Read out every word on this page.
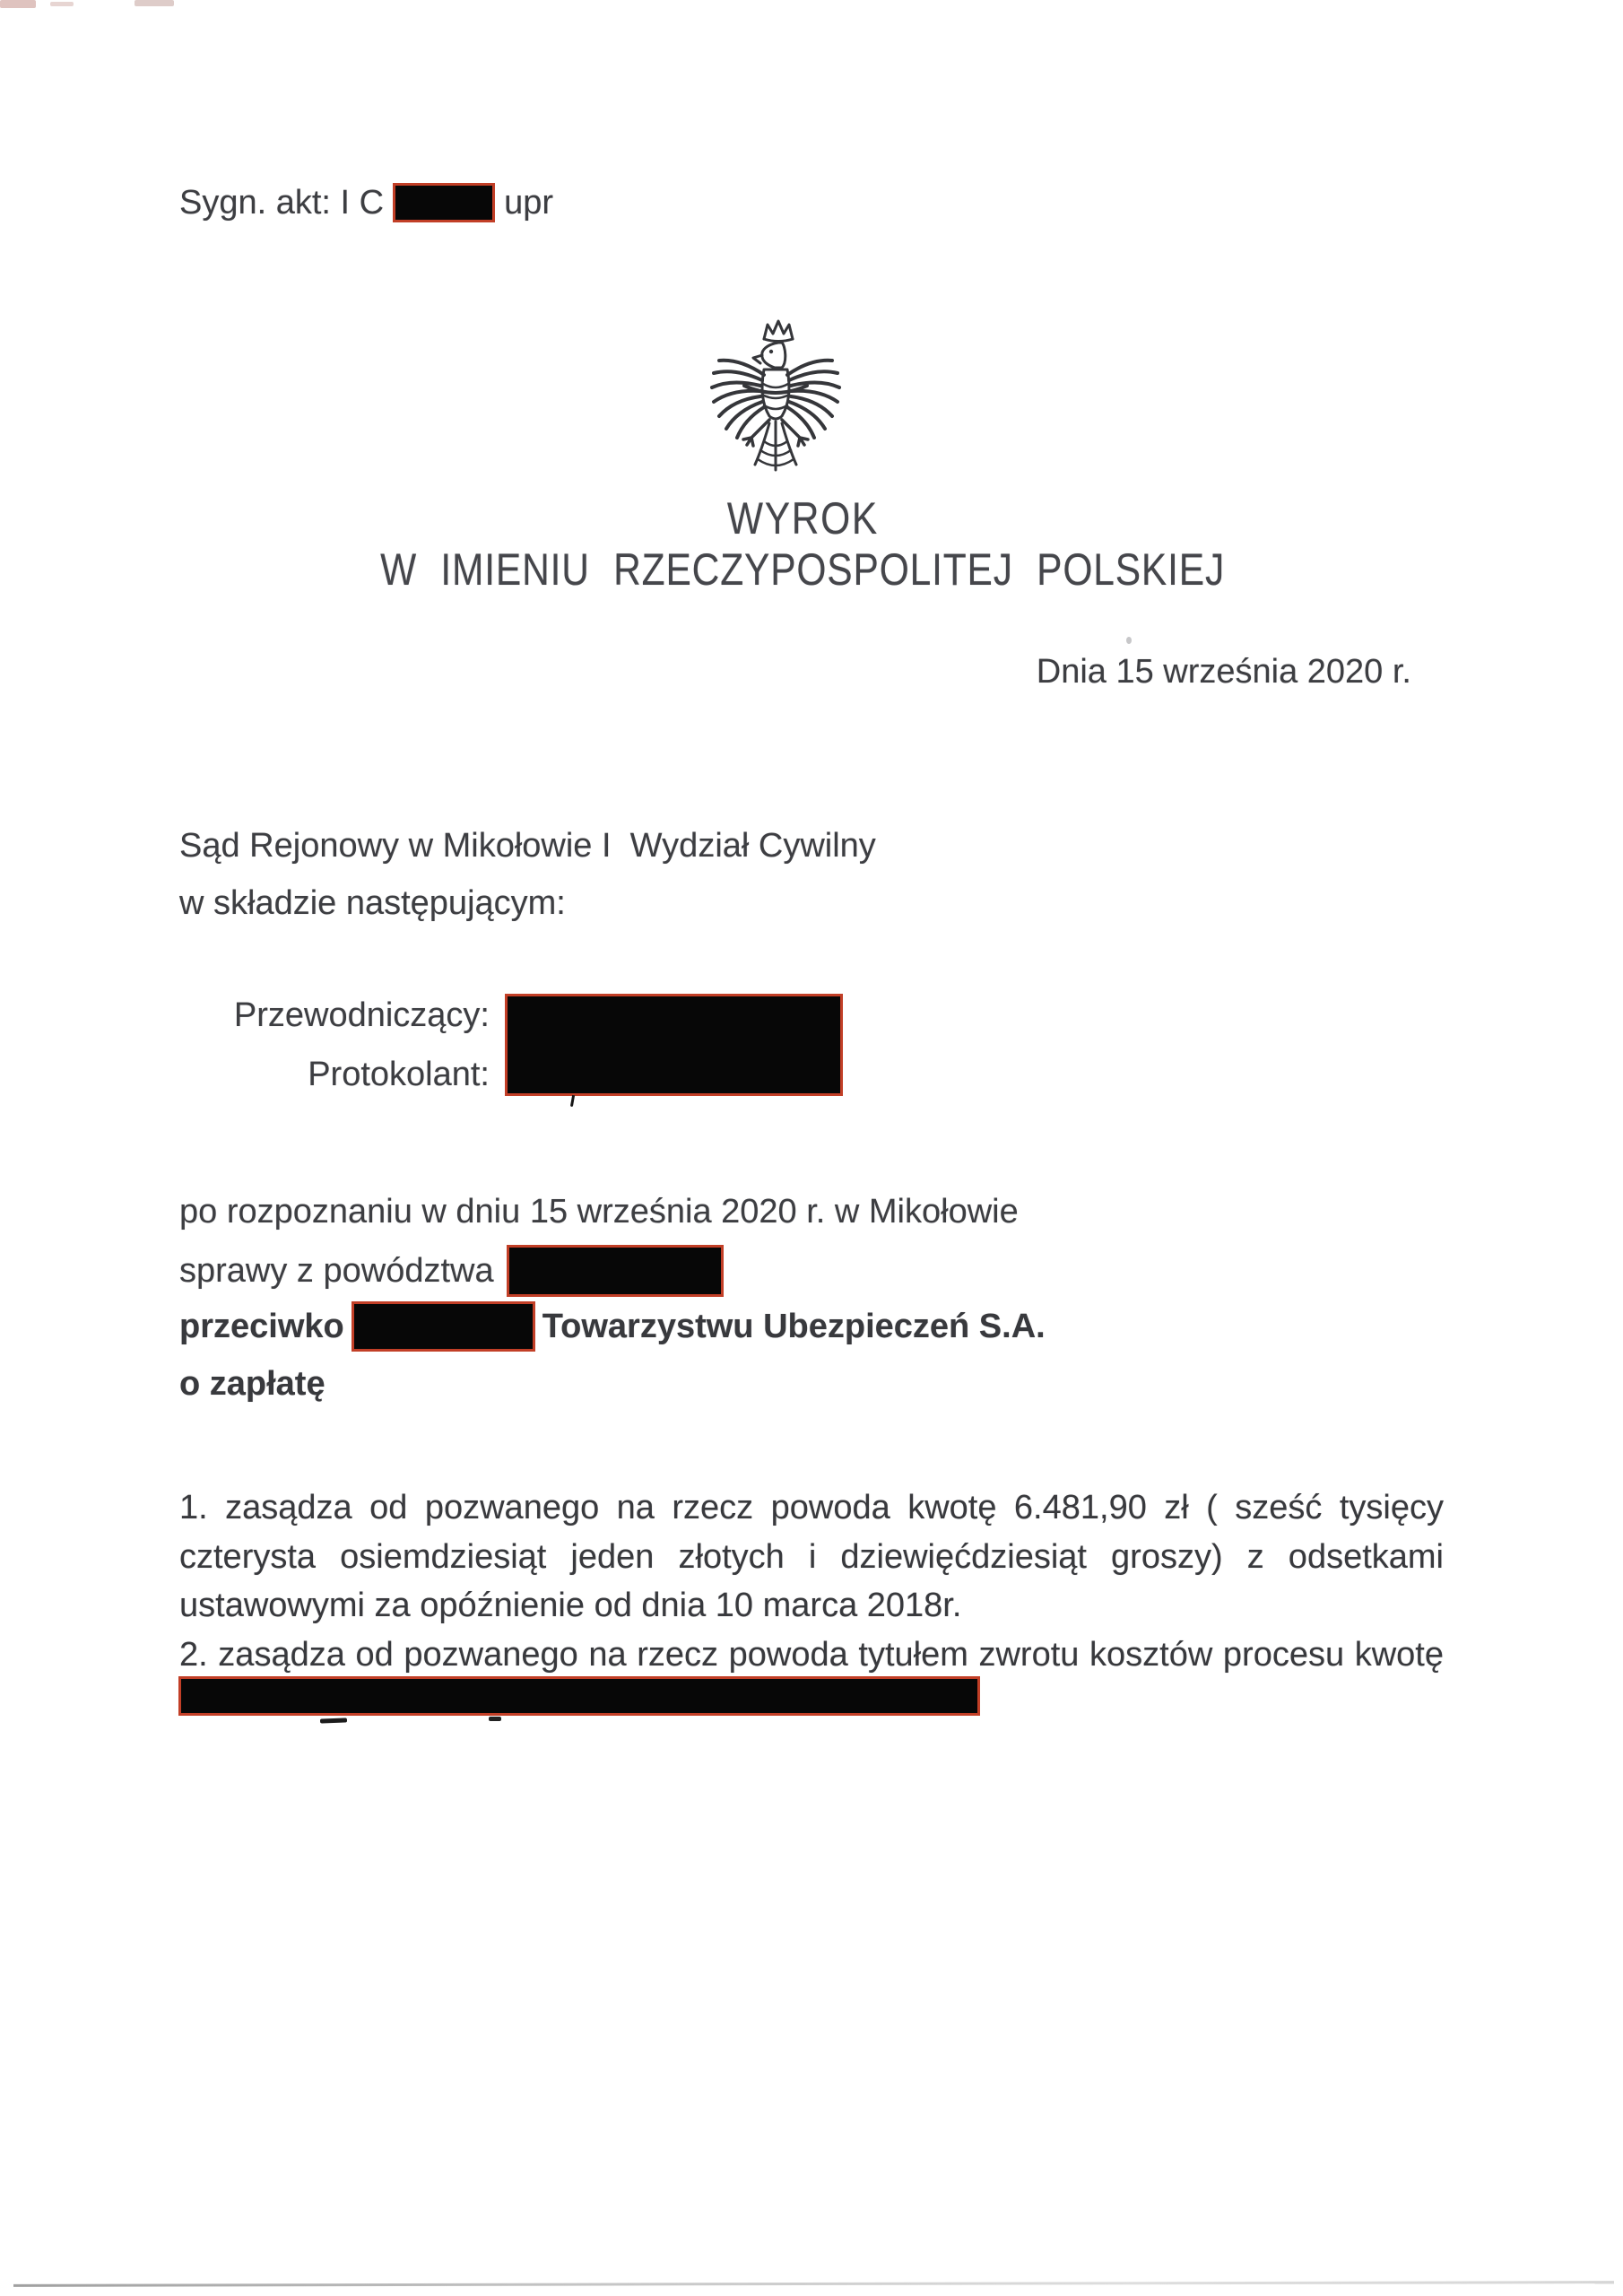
Sygn. akt: I C	upr
WYROK
W IMIENIU RZECZYPOSPOLITEJ POLSKIEJ
Dnia 15 września 2020 r.
Sąd Rejonowy w Mikołowie I  Wydział Cywilny
w składzie następującym:
Przewodniczący:
Protokolant:
po rozpoznaniu w dniu 15 września 2020 r. w Mikołowie
sprawy z powództwa
przeciwko	Towarzystwu Ubezpieczeń S.A.
o zapłatę
1. zasądza od pozwanego na rzecz powoda kwotę 6.481,90 zł ( sześć tysięcy
czterysta osiemdziesiąt jeden złotych i dziewięćdziesiąt groszy) z odsetkami
ustawowymi za opóźnienie od dnia 10 marca 2018r.
2. zasądza od pozwanego na rzecz powoda tytułem zwrotu kosztów procesu kwotę
